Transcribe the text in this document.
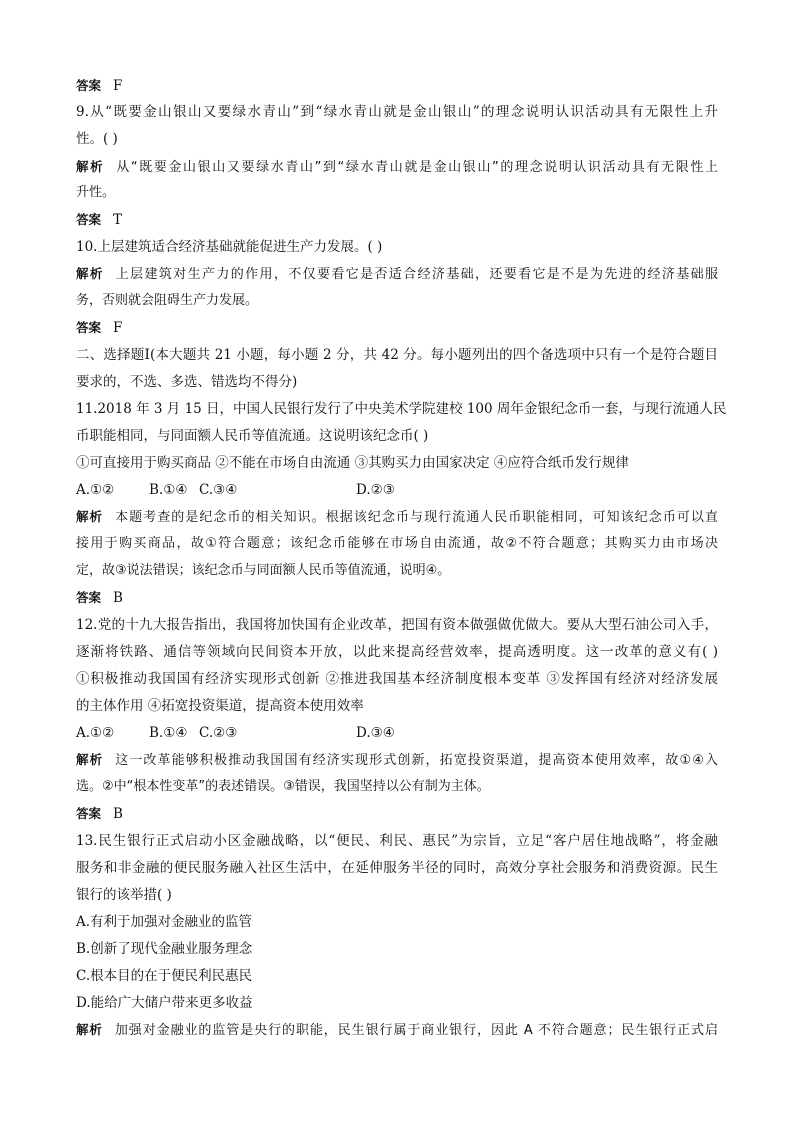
答案 F

9.从“既要金山银山又要绿水青山”到“绿水青山就是金山银山”的理念说明认识活动具有无限性上升

性。( )

解析 从“既要金山银山又要绿水青山”到“绿水青山就是金山银山”的理念说明认识活动具有无限性上

升性。

答案 T

10.上层建筑适合经济基础就能促进生产力发展。( )

解析 上层建筑对生产力的作用，不仅要看它是否适合经济基础，还要看它是不是为先进的经济基础服

务，否则就会阻碍生产力发展。

答案 F

二、选择题Ⅰ(本大题共 21 小题，每小题 2 分，共 42 分。每小题列出的四个备选项中只有一个是符合题目

要求的，不选、多选、错选均不得分)

11.2018 年 3 月 15 日，中国人民银行发行了中央美术学院建校 100 周年金银纪念币一套，与现行流通人民

币职能相同，与同面额人民币等值流通。这说明该纪念币( )

①可直接用于购买商品 ②不能在市场自由流通 ③其购买力由国家决定 ④应符合纸币发行规律

A.①②	B.①④ C.③④	D.②③

解析 本题考查的是纪念币的相关知识。根据该纪念币与现行流通人民币职能相同，可知该纪念币可以直

接用于购买商品，故①符合题意；该纪念币能够在市场自由流通，故②不符合题意；其购买力由市场决

定，故③说法错误；该纪念币与同面额人民币等值流通，说明④。

答案 B

12.党的十九大报告指出，我国将加快国有企业改革，把国有资本做强做优做大。要从大型石油公司入手，

逐渐将铁路、通信等领域向民间资本开放，以此来提高经营效率，提高透明度。这一改革的意义有( )

①积极推动我国国有经济实现形式创新 ②推进我国基本经济制度根本变革 ③发挥国有经济对经济发展

的主体作用 ④拓宽投资渠道，提高资本使用效率

A.①②	B.①④ C.②③	D.③④

解析 这一改革能够积极推动我国国有经济实现形式创新，拓宽投资渠道，提高资本使用效率，故①④入

选。②中“根本性变革”的表述错误。③错误，我国坚持以公有制为主体。

答案 B

13.民生银行正式启动小区金融战略，以“便民、利民、惠民”为宗旨，立足“客户居住地战略”，将金融

服务和非金融的便民服务融入社区生活中，在延伸服务半径的同时，高效分享社会服务和消费资源。民生

银行的该举措( )

A.有利于加强对金融业的监管

B.创新了现代金融业服务理念

C.根本目的在于便民利民惠民

D.能给广大储户带来更多收益

解析 加强对金融业的监管是央行的职能，民生银行属于商业银行，因此 A 不符合题意；民生银行正式启
